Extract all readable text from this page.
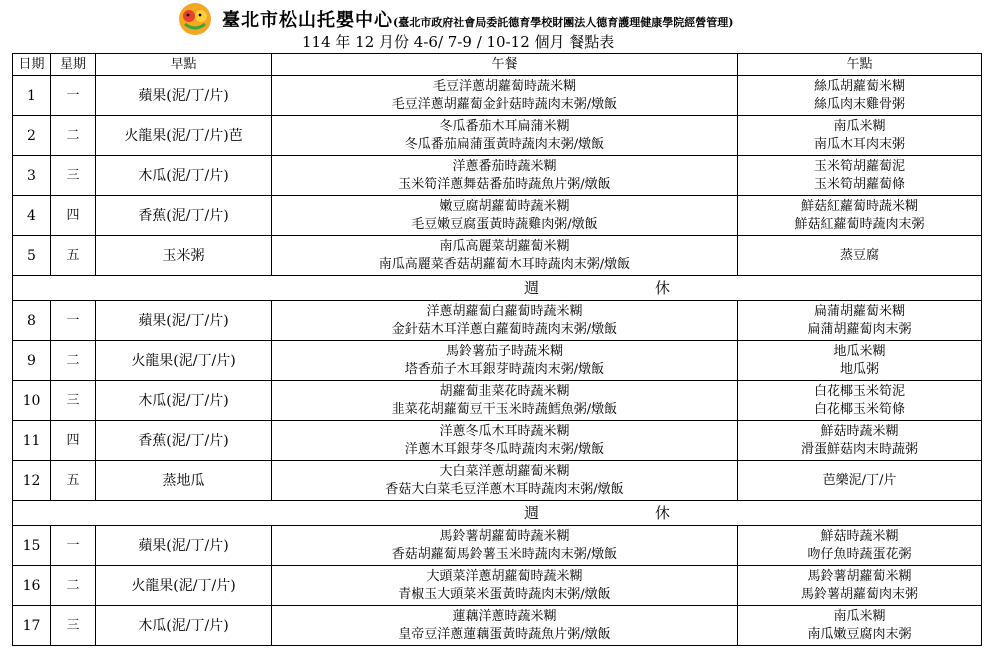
臺北市松山托嬰中心(臺北市政府社會局委託德育學校財團法人德育護理健康學院經營管理)
114 年 12 月份 4-6/ 7-9 / 10-12 個月 餐點表
日期	星期	早點	午餐	午點
1	一	蘋果(泥/丁/片)	毛豆洋蔥胡蘿蔔時蔬米糊
毛豆洋蔥胡蘿蔔金針菇時蔬肉末粥/燉飯	絲瓜胡蘿蔔米糊
絲瓜肉末雞骨粥

2	二	火龍果(泥/丁/片)芭	冬瓜番茄木耳扁蒲米糊
冬瓜番茄扁蒲蛋黃時蔬肉末粥/燉飯	南瓜米糊
南瓜木耳肉末粥

3	三	木瓜(泥/丁/片)	洋蔥番茄時蔬米糊
玉米筍洋蔥舞菇番茄時蔬魚片粥/燉飯	玉米筍胡蘿蔔泥
玉米筍胡蘿蔔條

4	四	香蕉(泥/丁/片)	嫩豆腐胡蘿蔔時蔬米糊
毛豆嫩豆腐蛋黃時蔬雞肉粥/燉飯	鮮菇紅蘿蔔時蔬米糊
鮮菇紅蘿蔔時蔬肉末粥

5	五	玉米粥	南瓜高麗菜胡蘿蔔米糊
南瓜高麗菜香菇胡蘿蔔木耳時蔬肉末粥/燉飯	蒸豆腐

週 休				
8	一	蘋果(泥/丁/片)	洋蔥胡蘿蔔白蘿蔔時蔬米糊
金針菇木耳洋蔥白蘿蔔時蔬肉末粥/燉飯	扁蒲胡蘿蔔米糊
扁蒲胡蘿蔔肉末粥

9	二	火龍果(泥/丁/片)	馬鈴薯茄子時蔬米糊
塔香茄子木耳銀芽時蔬肉末粥/燉飯	地瓜米糊
地瓜粥

10	三	木瓜(泥/丁/片)	胡蘿蔔韭菜花時蔬米糊
韭菜花胡蘿蔔豆干玉米時蔬鱈魚粥/燉飯	白花椰玉米筍泥
白花椰玉米筍條

11	四	香蕉(泥/丁/片)	洋蔥冬瓜木耳時蔬米糊
洋蔥木耳銀芽冬瓜時蔬肉末粥/燉飯	鮮菇時蔬米糊
滑蛋鮮菇肉末時蔬粥

12	五	蒸地瓜	大白菜洋蔥胡蘿蔔米糊
香菇大白菜毛豆洋蔥木耳時蔬肉末粥/燉飯	芭樂泥/丁/片

週 休				
15	一	蘋果(泥/丁/片)	馬鈴薯胡蘿蔔時蔬米糊
香菇胡蘿蔔馬鈴薯玉米時蔬肉末粥/燉飯	鮮菇時蔬米糊
吻仔魚時蔬蛋花粥

16	二	火龍果(泥/丁/片)	大頭菜洋蔥胡蘿蔔時蔬米糊
青椒玉大頭菜米蛋黃時蔬肉末粥/燉飯	馬鈴薯胡蘿蔔米糊
馬鈴薯胡蘿蔔肉末粥

17	三	木瓜(泥/丁/片)	蓮藕洋蔥時蔬米糊
皇帝豆洋蔥蓮藕蛋黃時蔬魚片粥/燉飯	南瓜米糊
南瓜嫩豆腐肉末粥
